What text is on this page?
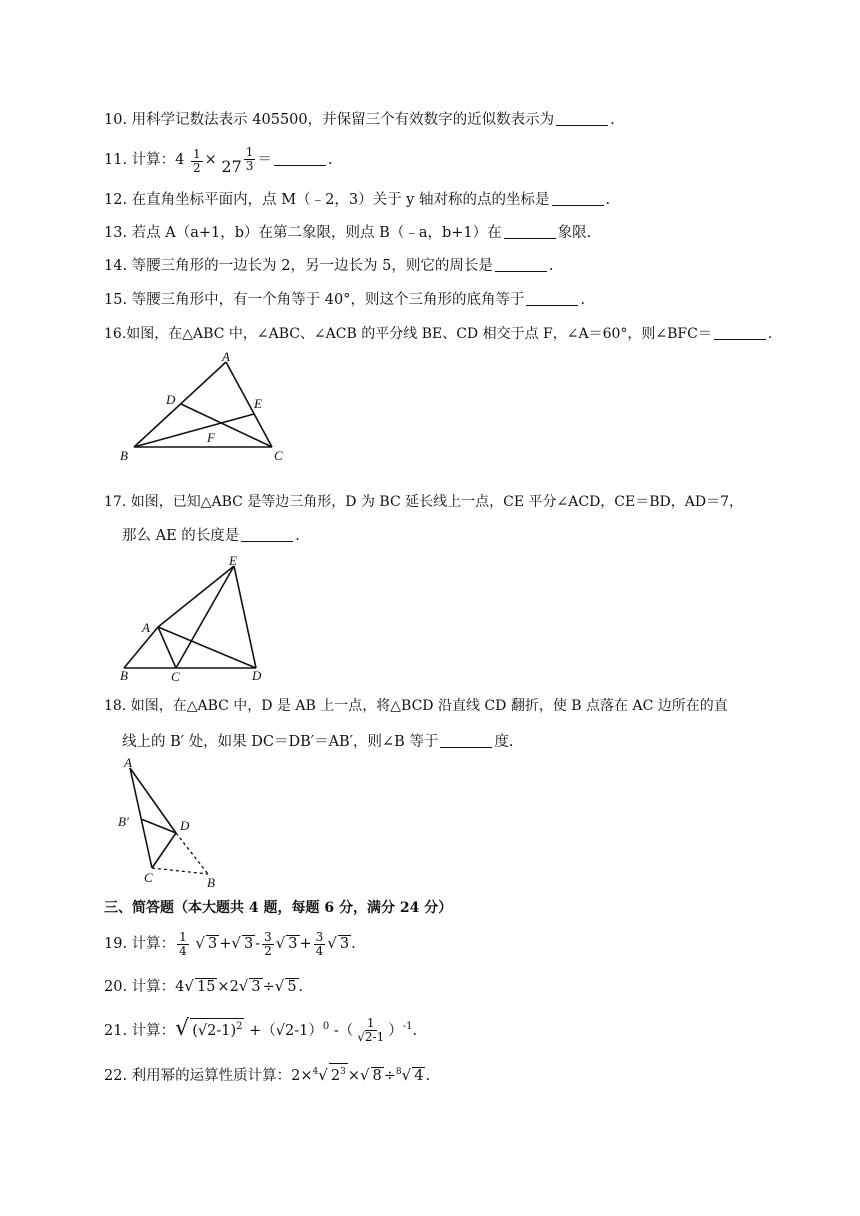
10. 用科学记数法表示 405500，并保留三个有效数字的近似数表示为	.
11. 计算：$4 \frac{1}{2} \times 27 \frac{1}{3}$ ＝	.
12. 在直角坐标平面内，点 M（﹣2，3）关于 y 轴对称的点的坐标是	.
13. 若点 A（a+1，b）在第二象限，则点 B（﹣a，b+1）在	象限.
14. 等腰三角形的一边长为 2，另一边长为 5，则它的周长是	.
15. 等腰三角形中，有一个角等于 40°，则这个三角形的底角等于	.
16.如图，在△ABC 中，∠ABC、∠ACB 的平分线 BE、CD 相交于点 F，∠A＝60°，则∠BFC＝	.
A
B	C
D	E
F
17. 如图，已知△ABC 是等边三角形，D 为 BC 延长线上一点，CE 平分∠ACD，CE＝BD，AD＝7，
那么 AE 的长度是	.
E
A
B	C	D
18. 如图，在△ABC 中，D 是 AB 上一点，将△BCD 沿直线 CD 翻折，使 B 点落在 AC 边所在的直
线上的 B′ 处，如果 DC＝DB′＝AB′，则∠B 等于	度.
A
B′	D
C	B
三、简答题（本大题共 4 题，每题 6 分，满分 24 分）
19. 计算： $\frac{1}{4}$ √ 3 +√ $3 - \frac{3}{2}$ √ $3 + \frac{3}{4}$ √ 3 .
20. 计算：4√ 15 ×2√ 3 ÷√ 5 .
21. 计算：√ $(√2-1)^2 +(√2-1)^0$ -（ $\frac{1}{√2-1} )^{-1}$.
22. 利用幂的运算性质计算：2×$^4$√ $2^3$ ×√ 8 ÷$^8$√ 4 .
